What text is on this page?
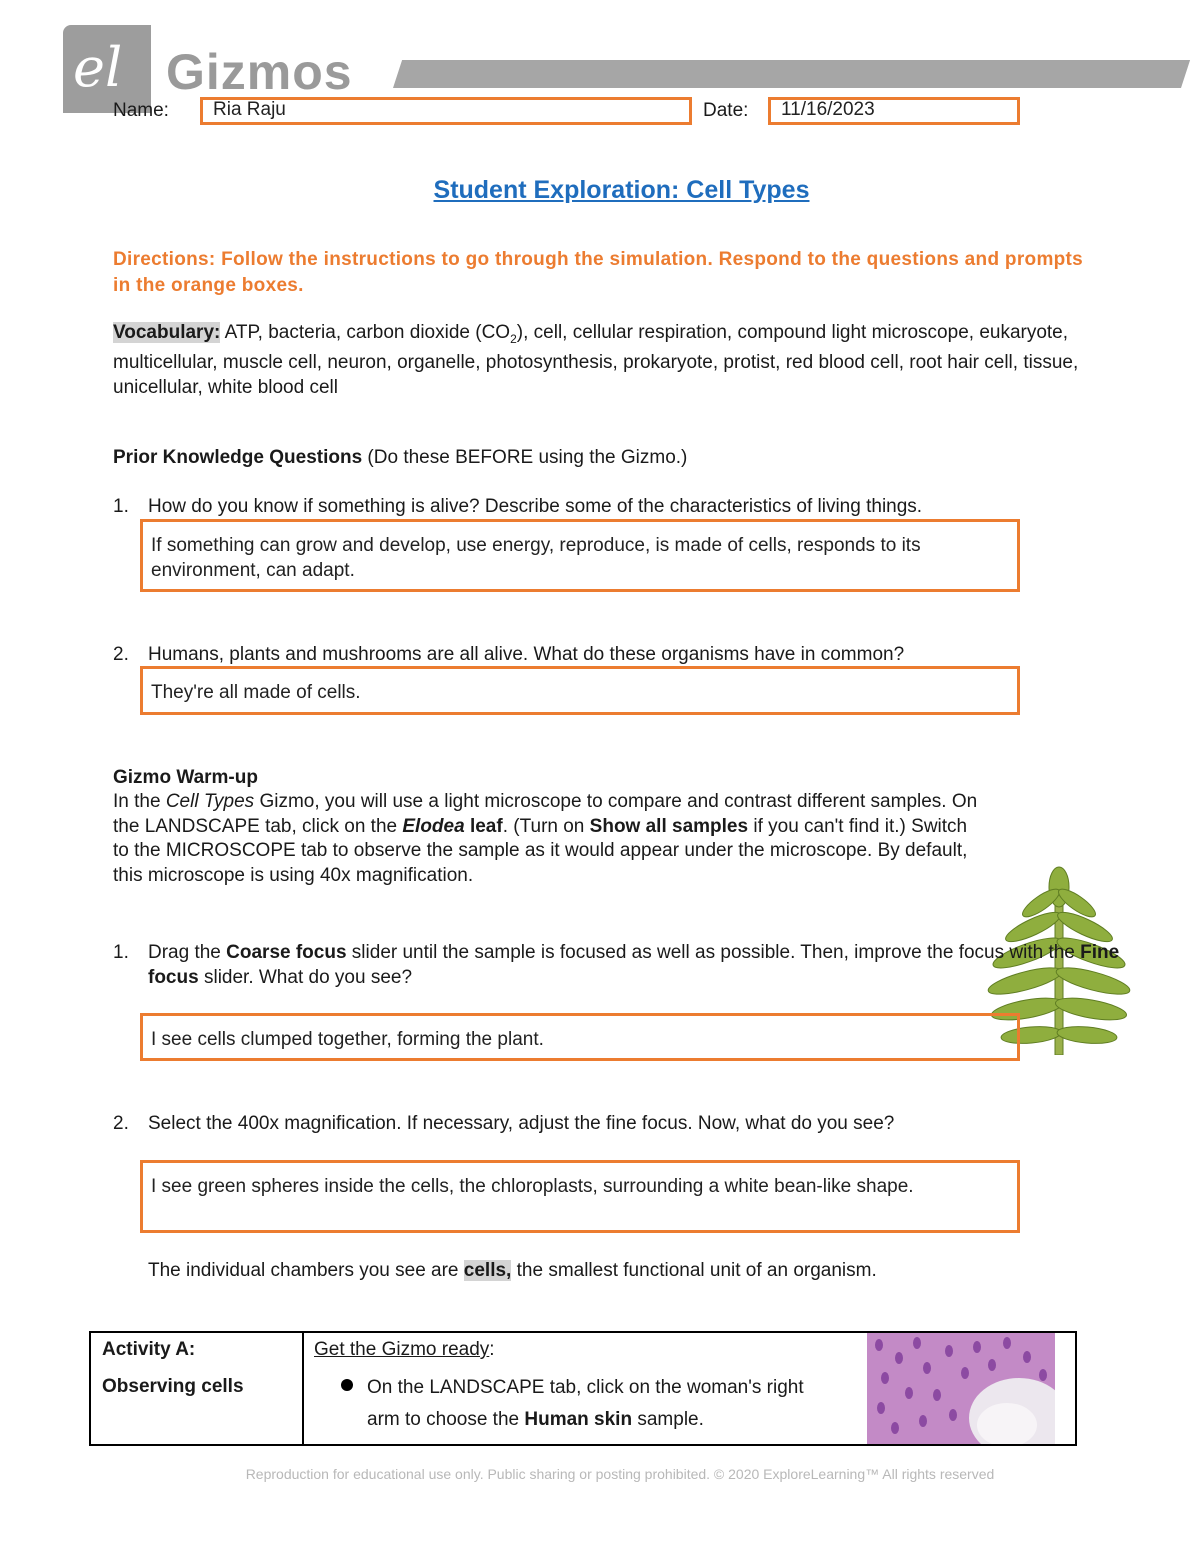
el Gizmos
Name:	Ria Raju	Date:	11/16/2023
Student Exploration: Cell Types
Directions: Follow the instructions to go through the simulation. Respond to the questions and prompts in the orange boxes.
Vocabulary: ATP, bacteria, carbon dioxide $(CO_2)$, cell, cellular respiration, compound light microscope, eukaryote, multicellular, muscle cell, neuron, organelle, photosynthesis, prokaryote, protist, red blood cell, root hair cell, tissue, unicellular, white blood cell
Prior Knowledge Questions (Do these BEFORE using the Gizmo.)
1. How do you know if something is alive? Describe some of the characteristics of living things.
If something can grow and develop, use energy, reproduce, is made of cells, responds to its environment, can adapt.
2. Humans, plants and mushrooms are all alive. What do these organisms have in common?
They're all made of cells.
Gizmo Warm-up
In the Cell Types Gizmo, you will use a light microscope to compare and contrast different samples. On the LANDSCAPE tab, click on the Elodea leaf. (Turn on Show all samples if you can't find it.) Switch to the MICROSCOPE tab to observe the sample as it would appear under the microscope. By default, this microscope is using 40x magnification.
1. Drag the Coarse focus slider until the sample is focused as well as possible. Then, improve the focus with the Fine focus slider. What do you see?
I see cells clumped together, forming the plant.
2. Select the 400x magnification. If necessary, adjust the fine focus. Now, what do you see?
I see green spheres inside the cells, the chloroplasts, surrounding a white bean-like shape.
The individual chambers you see are cells, the smallest functional unit of an organism.
Activity A:
Observing cells
Get the Gizmo ready:
On the LANDSCAPE tab, click on the woman's right arm to choose the Human skin sample.
Reproduction for educational use only. Public sharing or posting prohibited. © 2020 ExploreLearning™ All rights reserved
